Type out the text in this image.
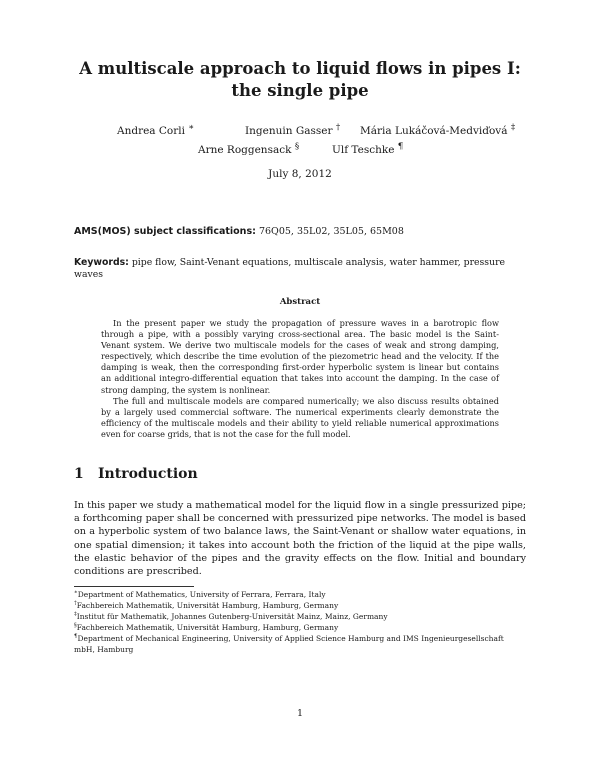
A multiscale approach to liquid flows in pipes I:
the single pipe
Andrea Corli ∗	Ingenuin Gasser † Mária Lukáčová-Medviďová ‡
Arne Roggensack §	Ulf Teschke ¶
July 8, 2012
AMS(MOS) subject classifications: 76Q05, 35L02, 35L05, 65M08
Keywords: pipe flow, Saint-Venant equations, multiscale analysis, water hammer, pressure waves
Abstract

In the present paper we study the propagation of pressure waves in a barotropic flow through a pipe, with a possibly varying cross-sectional area. The basic model is the Saint-Venant system. We derive two multiscale models for the cases of weak and strong damping, respectively, which describe the time evolution of the piezometric head and the velocity. If the damping is weak, then the corresponding first-order hyperbolic system is linear but contains an additional integro-differential equation that takes into account the damping. In the case of strong damping, the system is nonlinear.

The full and multiscale models are compared numerically; we also discuss results obtained by a largely used commercial software. The numerical experiments clearly demonstrate the efficiency of the multiscale models and their ability to yield reliable numerical approximations even for coarse grids, that is not the case for the full model.

1 Introduction
In this paper we study a mathematical model for the liquid flow in a single pressurized pipe; a forthcoming paper shall be concerned with pressurized pipe networks. The model is based on a hyperbolic system of two balance laws, the Saint-Venant or shallow water equations, in one spatial dimension; it takes into account both the friction of the liquid at the pipe walls, the elastic behavior of the pipes and the gravity effects on the flow. Initial and boundary conditions are prescribed.
∗Department of Mathematics, University of Ferrara, Ferrara, Italy
†Fachbereich Mathematik, Universität Hamburg, Hamburg, Germany
‡Institut für Mathematik, Johannes Gutenberg-Universität Mainz, Mainz, Germany
§Fachbereich Mathematik, Universität Hamburg, Hamburg, Germany
¶Department of Mechanical Engineering, University of Applied Science Hamburg and IMS Ingenieurgesellschaft mbH, Hamburg
1
